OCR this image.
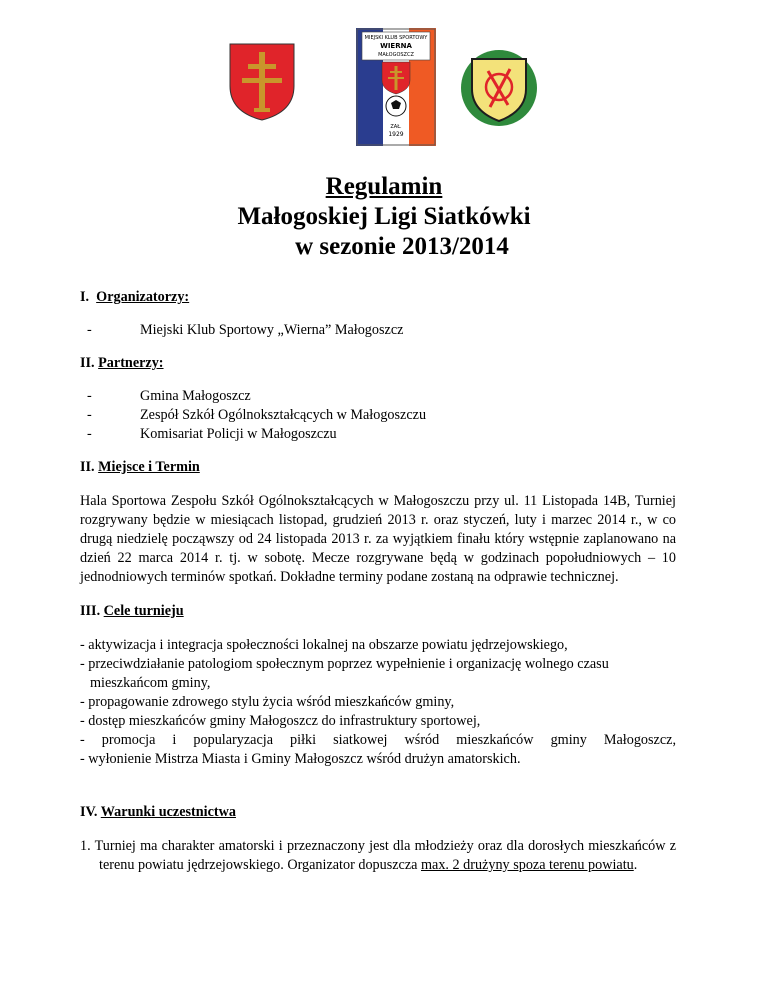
MIEJSKI KLUB SPORTOWY
WIERNA
MAŁOGOSZCZ
ZAŁ.
1929
Regulamin
Małogoskiej Ligi Siatkówki
w sezonie 2013/2014

I. Organizatorzy:

- Miejski Klub Sportowy „Wierna” Małogoszcz

II. Partnerzy:

- Gmina Małogoszcz
- Zespół Szkół Ogólnokształcących w Małogoszczu
- Komisariat Policji w Małogoszczu

II. Miejsce i Termin

Hala Sportowa Zespołu Szkół Ogólnokształcących w Małogoszczu przy ul. 11 Listopada 14B, Turniej rozgrywany będzie w miesiącach listopad, grudzień 2013 r. oraz styczeń, luty i marzec 2014 r., w co drugą niedzielę począwszy od 24 listopada 2013 r. za wyjątkiem finału który wstępnie zaplanowano na dzień 22 marca 2014 r. tj. w sobotę. Mecze rozgrywane będą w godzinach popołudniowych – 10 jednodniowych terminów spotkań. Dokładne terminy podane zostaną na odprawie technicznej.

III. Cele turnieju

- aktywizacja i integracja społeczności lokalnej na obszarze powiatu jędrzejowskiego,
- przeciwdziałanie patologiom społecznym poprzez wypełnienie i organizację wolnego czasu
mieszkańcom gminy,
- propagowanie zdrowego stylu życia wśród mieszkańców gminy,
- dostęp mieszkańców gminy Małogoszcz do infrastruktury sportowej,
- promocja i popularyzacja piłki siatkowej wśród mieszkańców gminy Małogoszcz,
- wyłonienie Mistrza Miasta i Gminy Małogoszcz wśród drużyn amatorskich.

IV. Warunki uczestnictwa

1. Turniej ma charakter amatorski i przeznaczony jest dla młodzieży oraz dla dorosłych mieszkańców z terenu powiatu jędrzejowskiego. Organizator dopuszcza max. 2 drużyny spoza terenu powiatu.
